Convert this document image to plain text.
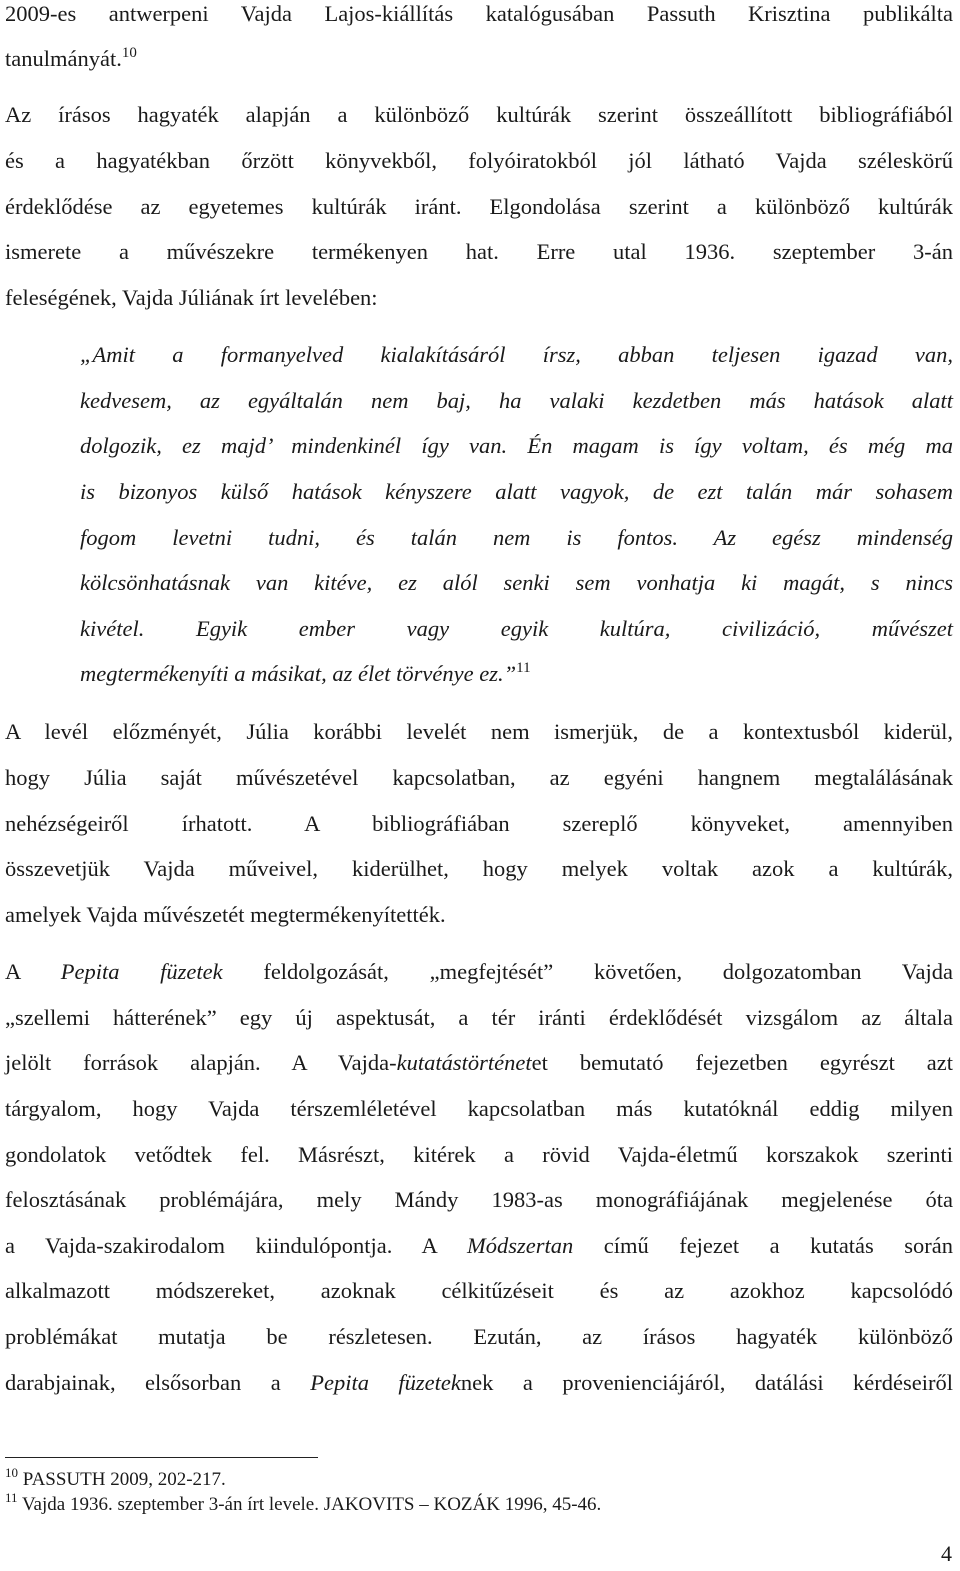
2009-es antwerpeni Vajda Lajos-kiállítás katalógusában Passuth Krisztina publikálta

tanulmányát.$^{10}$

Az írásos hagyaték alapján a különböző kultúrák szerint összeállított bibliográfiából

és a hagyatékban őrzött könyvekből, folyóiratokból jól látható Vajda széleskörű

érdeklődése az egyetemes kultúrák iránt. Elgondolása szerint a különböző kultúrák

ismerete a művészekre termékenyen hat. Erre utal 1936. szeptember 3-án

feleségének, Vajda Júliának írt levelében:

„Amit a formanyelved kialakításáról írsz, abban teljesen igazad van,

kedvesem, az egyáltalán nem baj, ha valaki kezdetben más hatások alatt

dolgozik, ez majd’ mindenkinél így van. Én magam is így voltam, és még ma

is bizonyos külső hatások kényszere alatt vagyok, de ezt talán már sohasem

fogom levetni tudni, és talán nem is fontos. Az egész mindenség

kölcsönhatásnak van kitéve, ez alól senki sem vonhatja ki magát, s nincs

kivétel. Egyik ember vagy egyik kultúra, civilizáció, művészet

megtermékenyíti a másikat, az élet törvénye ez.”$^{11}$

A levél előzményét, Júlia korábbi levelét nem ismerjük, de a kontextusból kiderül,

hogy Júlia saját művészetével kapcsolatban, az egyéni hangnem megtalálásának

nehézségeiről írhatott. A bibliográfiában szereplő könyveket, amennyiben

összevetjük Vajda műveivel, kiderülhet, hogy melyek voltak azok a kultúrák,

amelyek Vajda művészetét megtermékenyítették.

A Pepita füzetek feldolgozását, „megfejtését” követően, dolgozatomban Vajda

„szellemi hátterének” egy új aspektusát, a tér iránti érdeklődését vizsgálom az általa

jelölt források alapján. A Vajda-kutatástörténetet bemutató fejezetben egyrészt azt

tárgyalom, hogy Vajda térszemléletével kapcsolatban más kutatóknál eddig milyen

gondolatok vetődtek fel. Másrészt, kitérek a rövid Vajda-életmű korszakok szerinti

felosztásának problémájára, mely Mándy 1983-as monográfiájának megjelenése óta

a Vajda-szakirodalom kiindulópontja. A Módszertan című fejezet a kutatás során

alkalmazott módszereket, azoknak célkitűzéseit és az azokhoz kapcsolódó

problémákat mutatja be részletesen. Ezután, az írásos hagyaték különböző

darabjainak, elsősorban a Pepita füzeteknek a provenienciájáról, datálási kérdéseiről

$^{10}$ PASSUTH 2009, 202-217.
$^{11}$ Vajda 1936. szeptember 3-án írt levele. JAKOVITS – KOZÁK 1996, 45-46.
4
